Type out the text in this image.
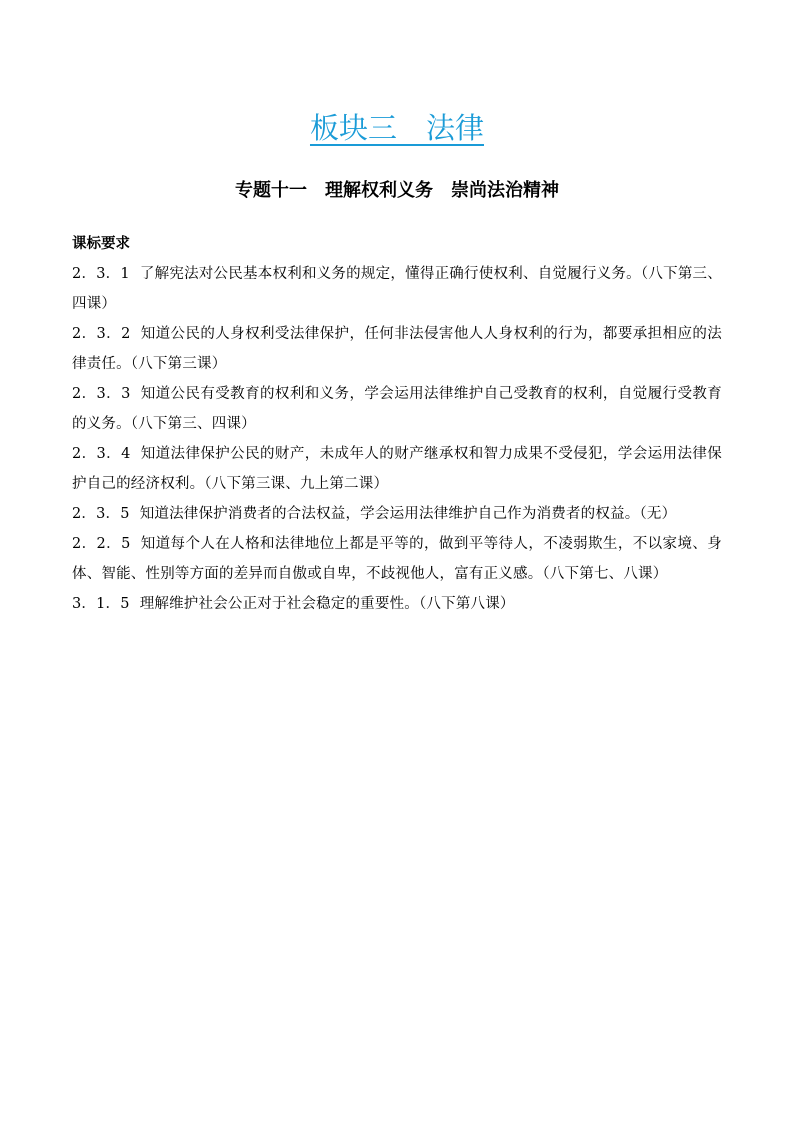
板块三　法律
专题十一　理解权利义务　崇尚法治精神

课标要求

2．3．1 了解宪法对公民基本权利和义务的规定，懂得正确行使权利、自觉履行义务。（八下第三、四课）

2．3．2 知道公民的人身权利受法律保护，任何非法侵害他人人身权利的行为，都要承担相应的法律责任。（八下第三课）

2．3．3 知道公民有受教育的权利和义务，学会运用法律维护自己受教育的权利，自觉履行受教育的义务。（八下第三、四课）

2．3．4 知道法律保护公民的财产，未成年人的财产继承权和智力成果不受侵犯，学会运用法律保护自己的经济权利。（八下第三课、九上第二课）

2．3．5 知道法律保护消费者的合法权益，学会运用法律维护自己作为消费者的权益。（无）

2．2．5 知道每个人在人格和法律地位上都是平等的，做到平等待人，不凌弱欺生，不以家境、身体、智能、性别等方面的差异而自傲或自卑，不歧视他人，富有正义感。（八下第七、八课）

3．1．5 理解维护社会公正对于社会稳定的重要性。（八下第八课）
